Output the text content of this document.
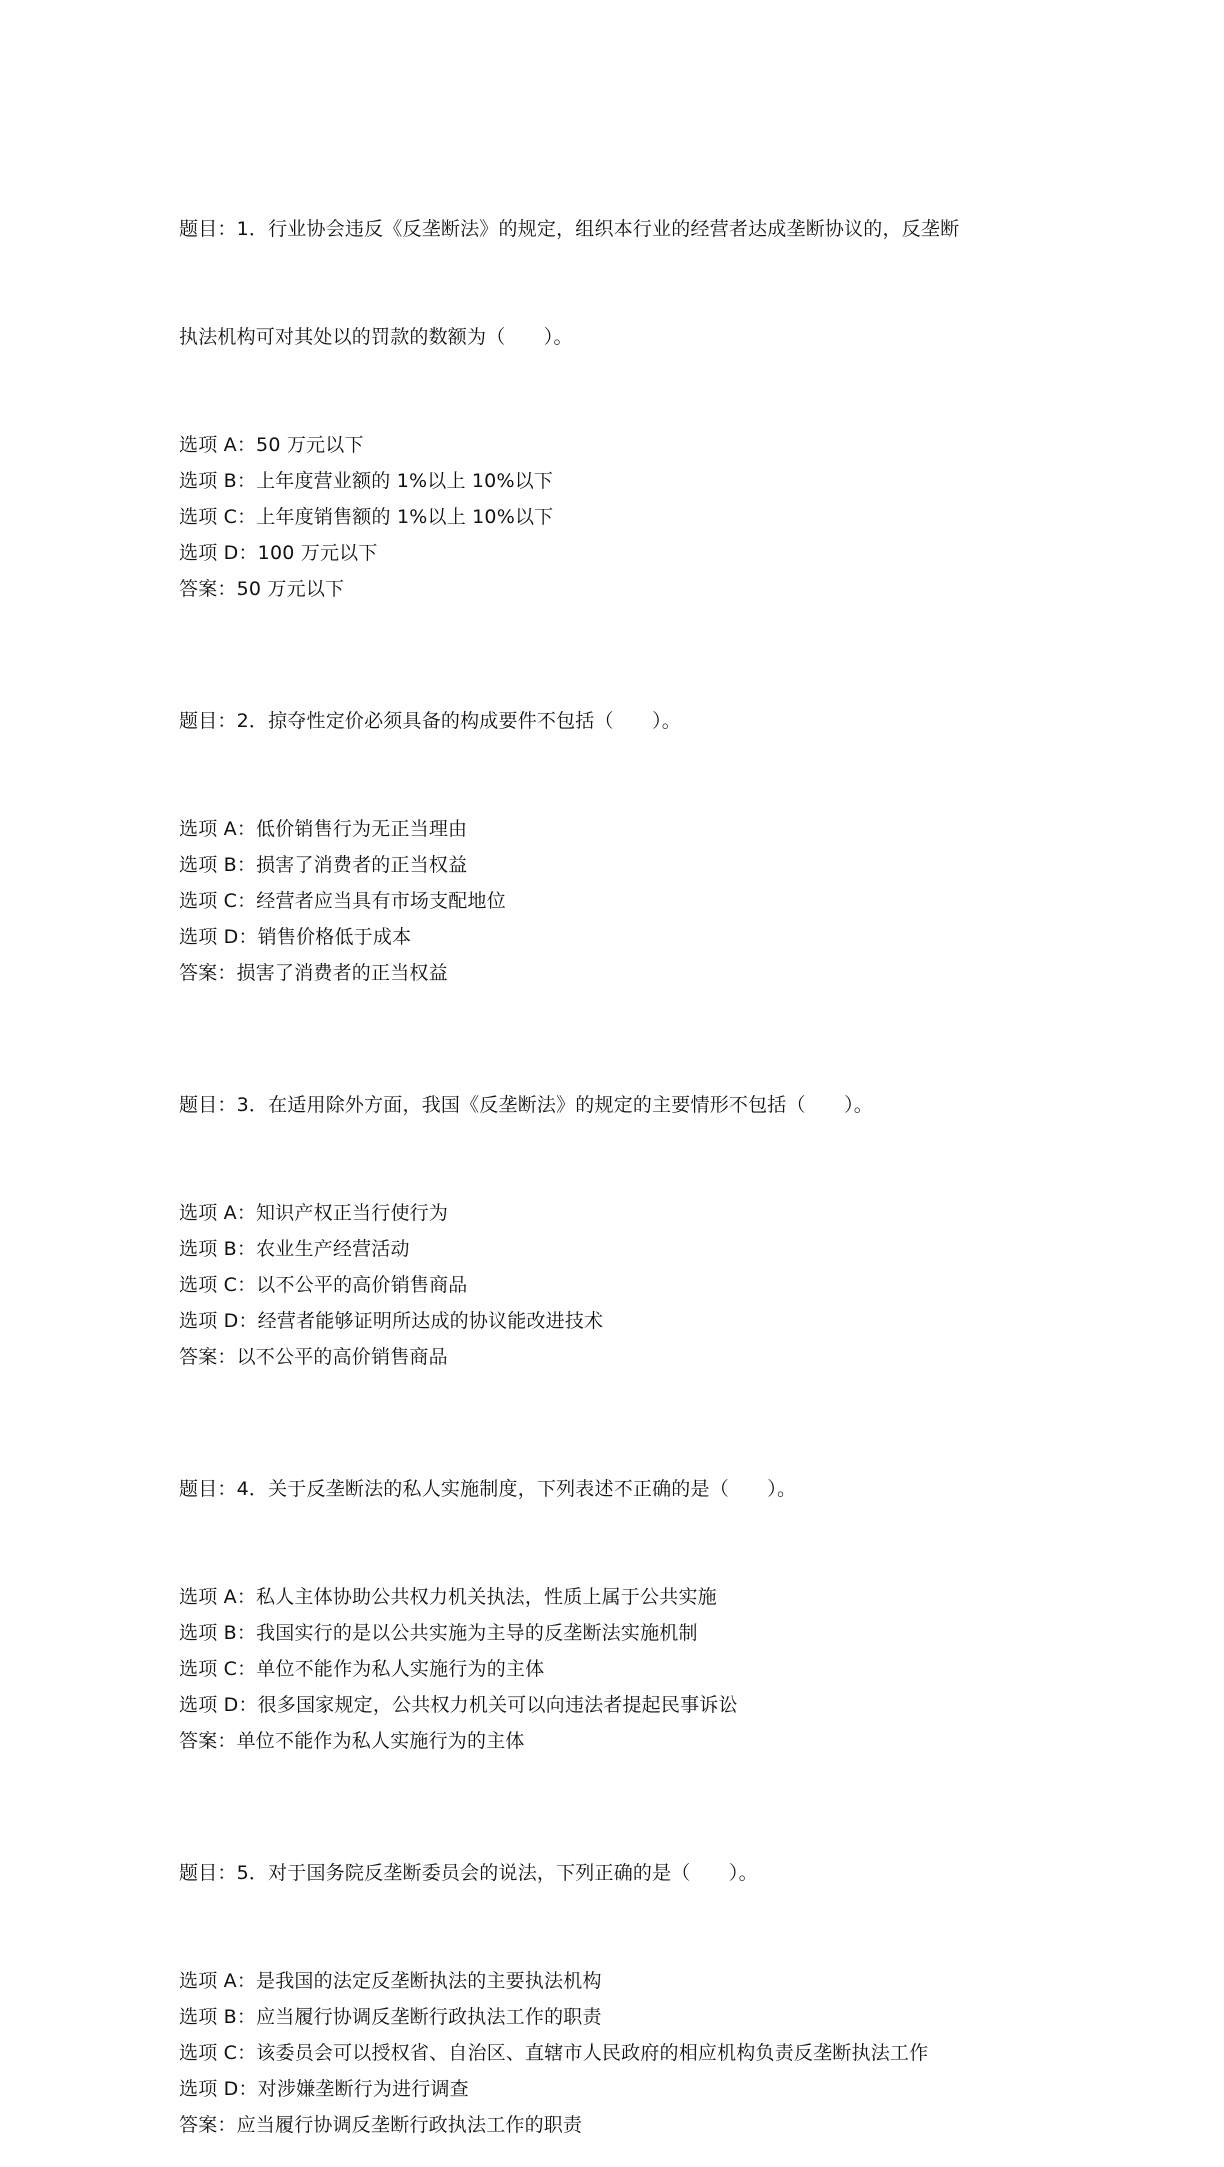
题目：1．行业协会违反《反垄断法》的规定，组织本行业的经营者达成垄断协议的，反垄断

执法机构可对其处以的罚款的数额为（　　）。

选项 A：50 万元以下
选项 B：上年度营业额的 1%以上 10%以下
选项 C：上年度销售额的 1%以上 10%以下
选项 D：100 万元以下
答案：50 万元以下

题目：2．掠夺性定价必须具备的构成要件不包括（　　）。

选项 A：低价销售行为无正当理由
选项 B：损害了消费者的正当权益
选项 C：经营者应当具有市场支配地位
选项 D：销售价格低于成本
答案：损害了消费者的正当权益

题目：3．在适用除外方面，我国《反垄断法》的规定的主要情形不包括（　　）。

选项 A：知识产权正当行使行为
选项 B：农业生产经营活动
选项 C：以不公平的高价销售商品
选项 D：经营者能够证明所达成的协议能改进技术
答案：以不公平的高价销售商品

题目：4．关于反垄断法的私人实施制度，下列表述不正确的是（　　）。

选项 A：私人主体协助公共权力机关执法，性质上属于公共实施
选项 B：我国实行的是以公共实施为主导的反垄断法实施机制
选项 C：单位不能作为私人实施行为的主体
选项 D：很多国家规定，公共权力机关可以向违法者提起民事诉讼
答案：单位不能作为私人实施行为的主体

题目：5．对于国务院反垄断委员会的说法，下列正确的是（　　）。

选项 A：是我国的法定反垄断执法的主要执法机构
选项 B：应当履行协调反垄断行政执法工作的职责
选项 C：该委员会可以授权省、自治区、直辖市人民政府的相应机构负责反垄断执法工作
选项 D：对涉嫌垄断行为进行调查
答案：应当履行协调反垄断行政执法工作的职责
